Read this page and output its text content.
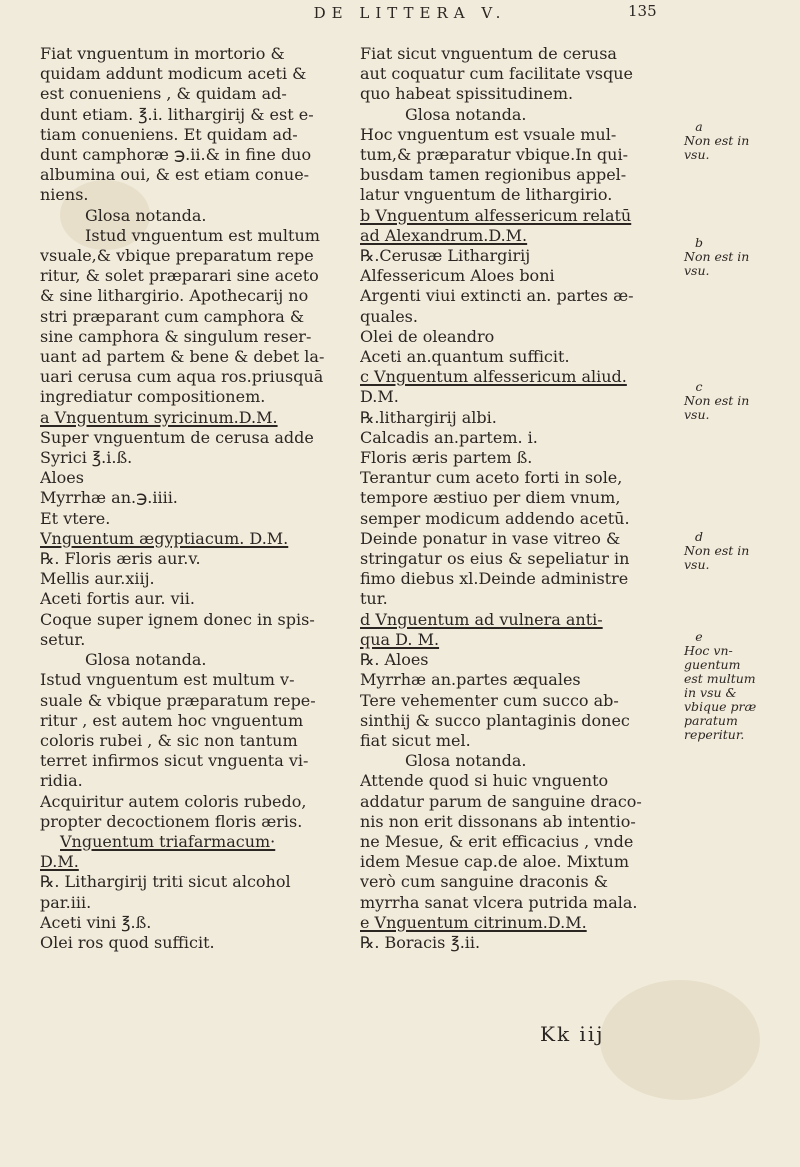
DE LITTERA V.	135
Fiat vnguentum in mortorio &
quidam addunt modicum aceti &
est conueniens , & quidam ad-
dunt etiam. ℥.i. lithargirij & est e-
tiam conueniens. Et quidam ad-
dunt camphoræ ℈.ii.& in fine duo
albumina oui, & est etiam conue-
niens.
Glosa notanda.
Istud vnguentum est multum
vsuale,& vbique preparatum repe
ritur, & solet præparari sine aceto
& sine lithargirio. Apothecarij no
stri præparant cum camphora &
sine camphora & singulum reser-
uant ad partem & bene & debet la-
uari cerusa cum aqua ros.priusquā
ingrediatur compositionem.
a Vnguentum syricinum.D.M.
Super vnguentum de cerusa adde
Syrici ℥.i.ß.
Aloes
Myrrhæ an.℈.iiii.
Et vtere.
Vnguentum ægyptiacum. D.M.
℞. Floris æris aur.v.
Mellis aur.xiij.
Aceti fortis aur. vii.
Coque super ignem donec in spis-
setur.
Glosa notanda.
Istud vnguentum est multum v-
suale & vbique præparatum repe-
ritur , est autem hoc vnguentum
coloris rubei , & sic non tantum
terret infirmos sicut vnguenta vi-
ridia.
Acquiritur autem coloris rubedo,
propter decoctionem floris æris.
Vnguentum triafarmacum·
D.M.
℞. Lithargirij triti sicut alcohol
par.iii.
Aceti vini ℥.ß.
Olei ros quod sufficit.
Fiat sicut vnguentum de cerusa
aut coquatur cum facilitate vsque
quo habeat spissitudinem.
Glosa notanda.
Hoc vnguentum est vsuale mul-
tum,& præparatur vbique.In qui-
busdam tamen regionibus appel-
latur vnguentum de lithargirio.
b Vnguentum alfessericum relatū
ad Alexandrum.D.M.
℞.Cerusæ Lithargirij
Alfessericum Aloes boni
Argenti viui extincti an. partes æ-
quales.
Olei de oleandro
Aceti an.quantum sufficit.
c Vnguentum alfessericum aliud.
D.M.
℞.lithargirij albi.
Calcadis an.partem. i.
Floris æris partem ß.
Terantur cum aceto forti in sole,
tempore æstiuo per diem vnum,
semper modicum addendo acetū.
Deinde ponatur in vase vitreo &
stringatur os eius & sepeliatur in
fimo diebus xl.Deinde administre
tur.
d Vnguentum ad vulnera anti-
qua D. M.
℞. Aloes
Myrrhæ an.partes æquales
Tere vehementer cum succo ab-
sinthij & succo plantaginis donec
fiat sicut mel.
Glosa notanda.
Attende quod si huic vnguento
addatur parum de sanguine draco-
nis non erit dissonans ab intentio-
ne Mesue, & erit efficacius , vnde
idem Mesue cap.de aloe. Mixtum
verò cum sanguine draconis &
myrrha sanat vlcera putrida mala.
e Vnguentum citrinum.D.M.
℞. Boracis ℥.ii.
a
Non est in
vsu.
b
Non est in
vsu.
c
Non est in
vsu.
d
Non est in
vsu.
e
Hoc vn-
guentum
est multum
in vsu &
vbique præ
paratum
reperitur.
Kk iij
